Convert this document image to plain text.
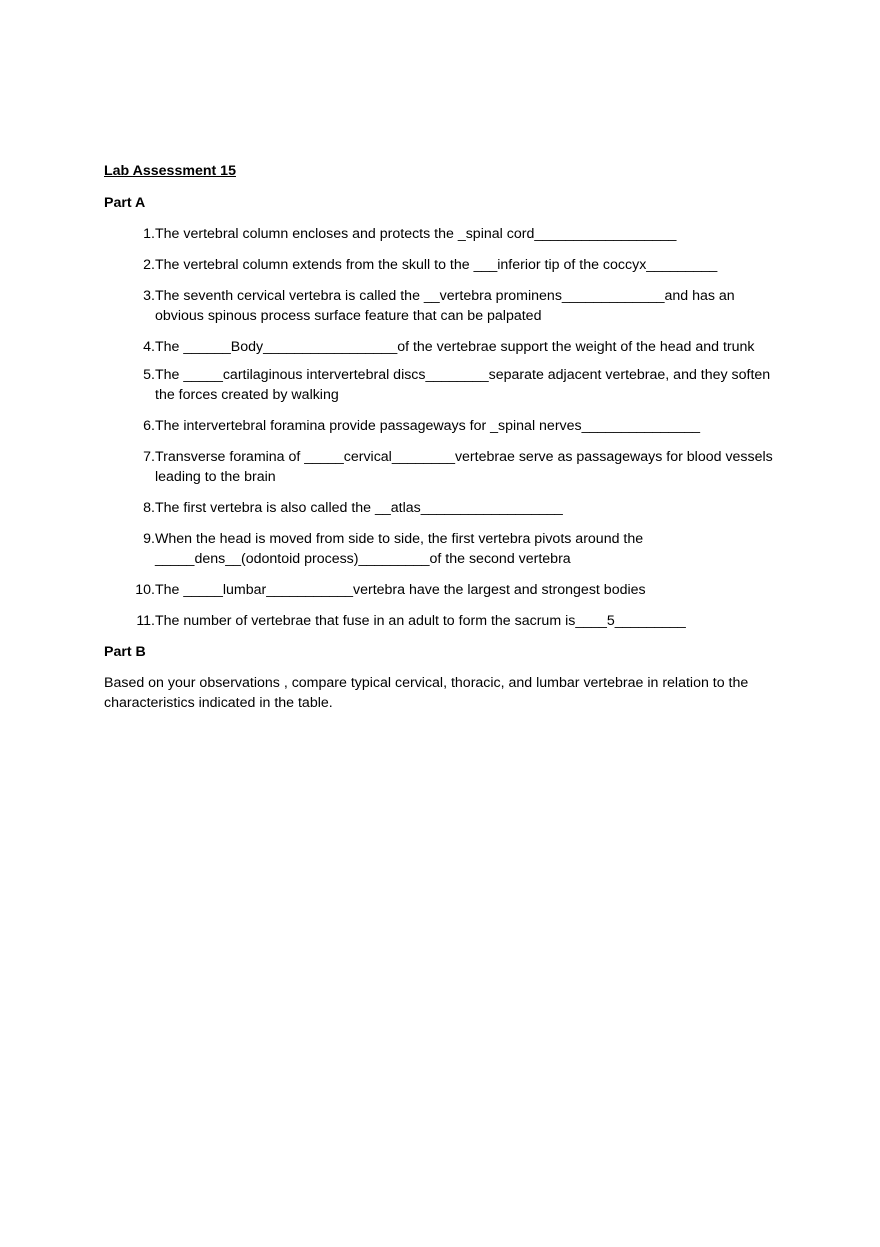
Lab Assessment 15
Part A
1. The vertebral column encloses and protects the _spinal cord__________________
2. The vertebral column extends from the skull to the ___inferior tip of the coccyx_________
3. The seventh cervical vertebra is called the __vertebra prominens_____________and has an obvious spinous process surface feature that can be palpated
4. The ______Body_________________of the vertebrae support the weight of the head and trunk
5. The _____cartilaginous intervertebral discs________separate adjacent vertebrae, and they soften the forces created by walking
6. The intervertebral foramina provide passageways for _spinal nerves_______________
7. Transverse foramina of _____cervical________vertebrae serve as passageways for blood vessels leading to the brain
8. The first vertebra is also called the __atlas__________________
9. When the head is moved from side to side, the first vertebra pivots around the _____dens__(odontoid process)_________of the second vertebra
10. The _____lumbar___________vertebra have the largest and strongest bodies
11. The number of vertebrae that fuse in an adult to form the sacrum is____5_________
Part B

Based on your observations , compare typical cervical, thoracic, and lumbar vertebrae in relation to the characteristics indicated in the table.
